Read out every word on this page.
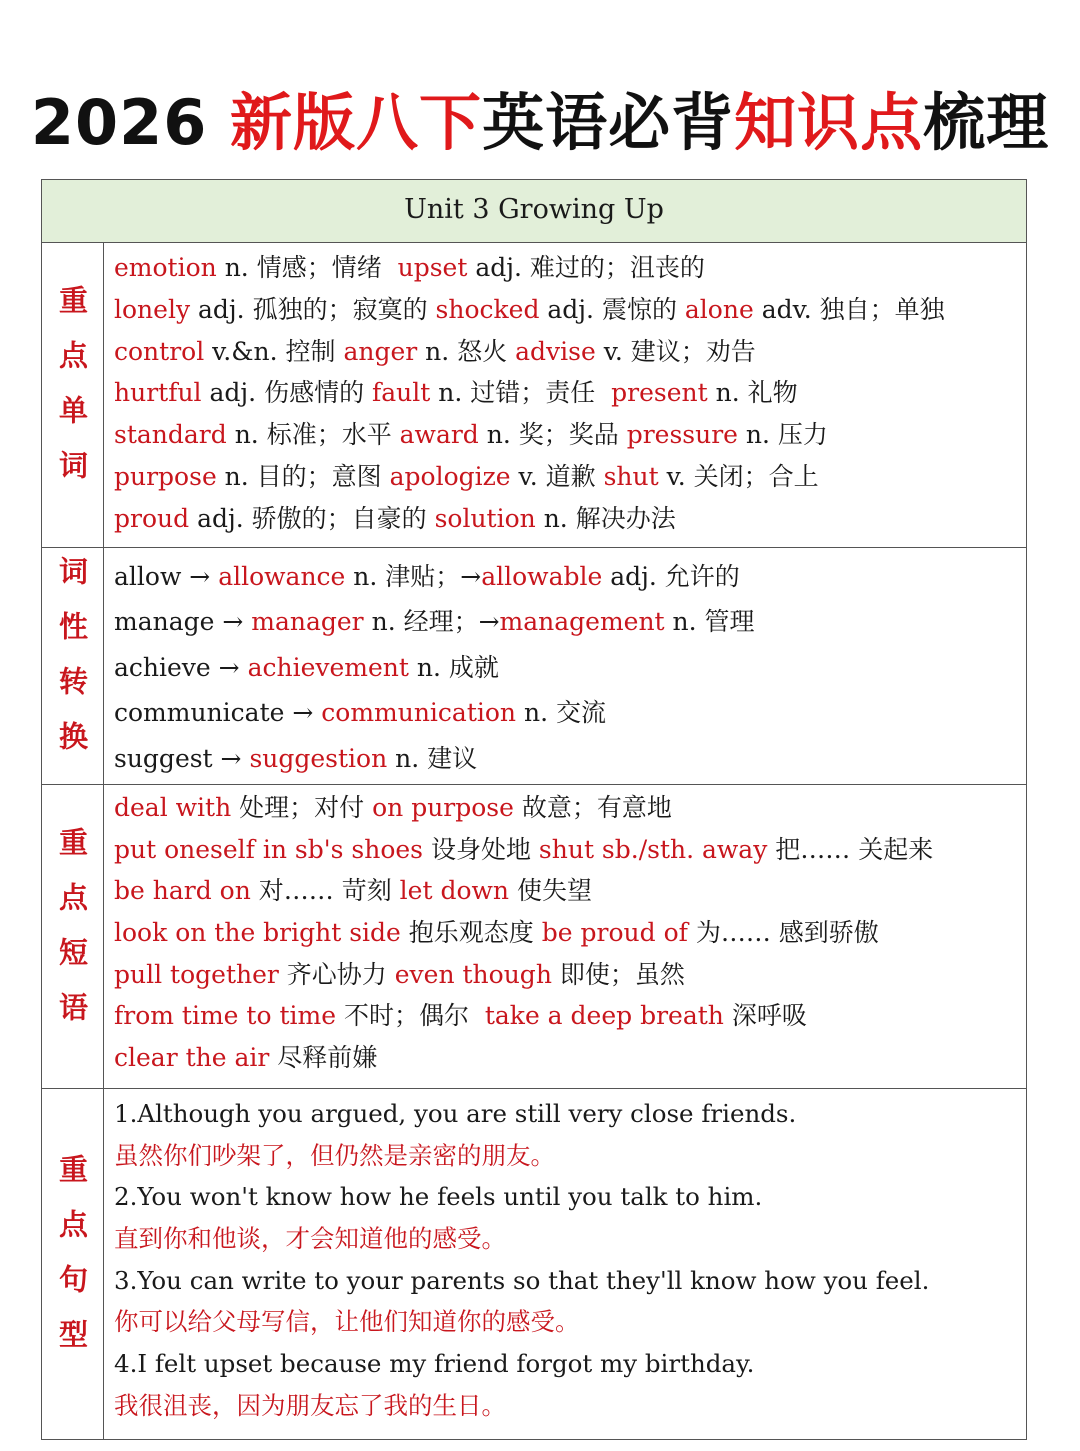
2026 新版八下英语必背知识点梳理
Unit 3 Growing Up
重点单词
emotion n. 情感；情绪  upset adj. 难过的；沮丧的
lonely adj. 孤独的；寂寞的 shocked adj. 震惊的 alone adv. 独自；单独
control v.&n. 控制 anger n. 怒火 advise v. 建议；劝告
hurtful adj. 伤感情的 fault n. 过错；责任  present n. 礼物
standard n. 标准；水平 award n. 奖；奖品 pressure n. 压力
purpose n. 目的；意图 apologize v. 道歉 shut v. 关闭；合上
proud adj. 骄傲的；自豪的 solution n. 解决办法
词性转换	allow → allowance n. 津贴；→allowable adj. 允许的
manage → manager n. 经理；→management n. 管理
achieve → achievement n. 成就
communicate → communication n. 交流
suggest → suggestion n. 建议
重点短语
deal with 处理；对付 on purpose 故意；有意地
put oneself in sb's shoes 设身处地 shut sb./sth. away 把…… 关起来
be hard on 对…… 苛刻 let down 使失望
look on the bright side 抱乐观态度 be proud of 为…… 感到骄傲
pull together 齐心协力 even though 即使；虽然
from time to time 不时；偶尔  take a deep breath 深呼吸
clear the air 尽释前嫌
重点句型
1.Although you argued, you are still very close friends.
虽然你们吵架了，但仍然是亲密的朋友。
2.You won't know how he feels until you talk to him.
直到你和他谈，才会知道他的感受。
3.You can write to your parents so that they'll know how you feel.
你可以给父母写信，让他们知道你的感受。
4.I felt upset because my friend forgot my birthday.
我很沮丧，因为朋友忘了我的生日。
